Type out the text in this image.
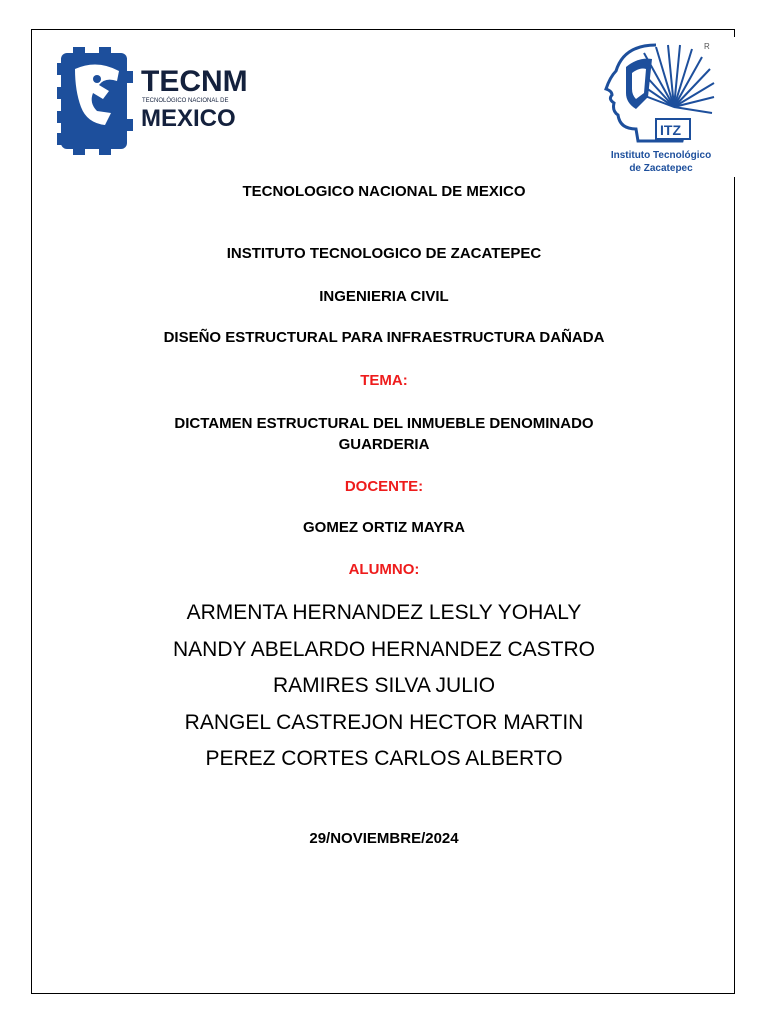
TECNM
TECNOLÓGICO NACIONAL DE
MEXICO	ITZ
R
Instituto Tecnológico
de Zacatepec
TECNOLOGICO NACIONAL DE MEXICO
INSTITUTO TECNOLOGICO DE ZACATEPEC
INGENIERIA CIVIL
DISEÑO ESTRUCTURAL PARA INFRAESTRUCTURA DAÑADA
TEMA:
DICTAMEN ESTRUCTURAL DEL INMUEBLE DENOMINADO
GUARDERIA
DOCENTE:
GOMEZ ORTIZ MAYRA
ALUMNO:
ARMENTA HERNANDEZ LESLY YOHALY
NANDY ABELARDO HERNANDEZ CASTRO
RAMIRES SILVA JULIO
RANGEL CASTREJON HECTOR MARTIN
PEREZ CORTES CARLOS ALBERTO
29/NOVIEMBRE/2024
